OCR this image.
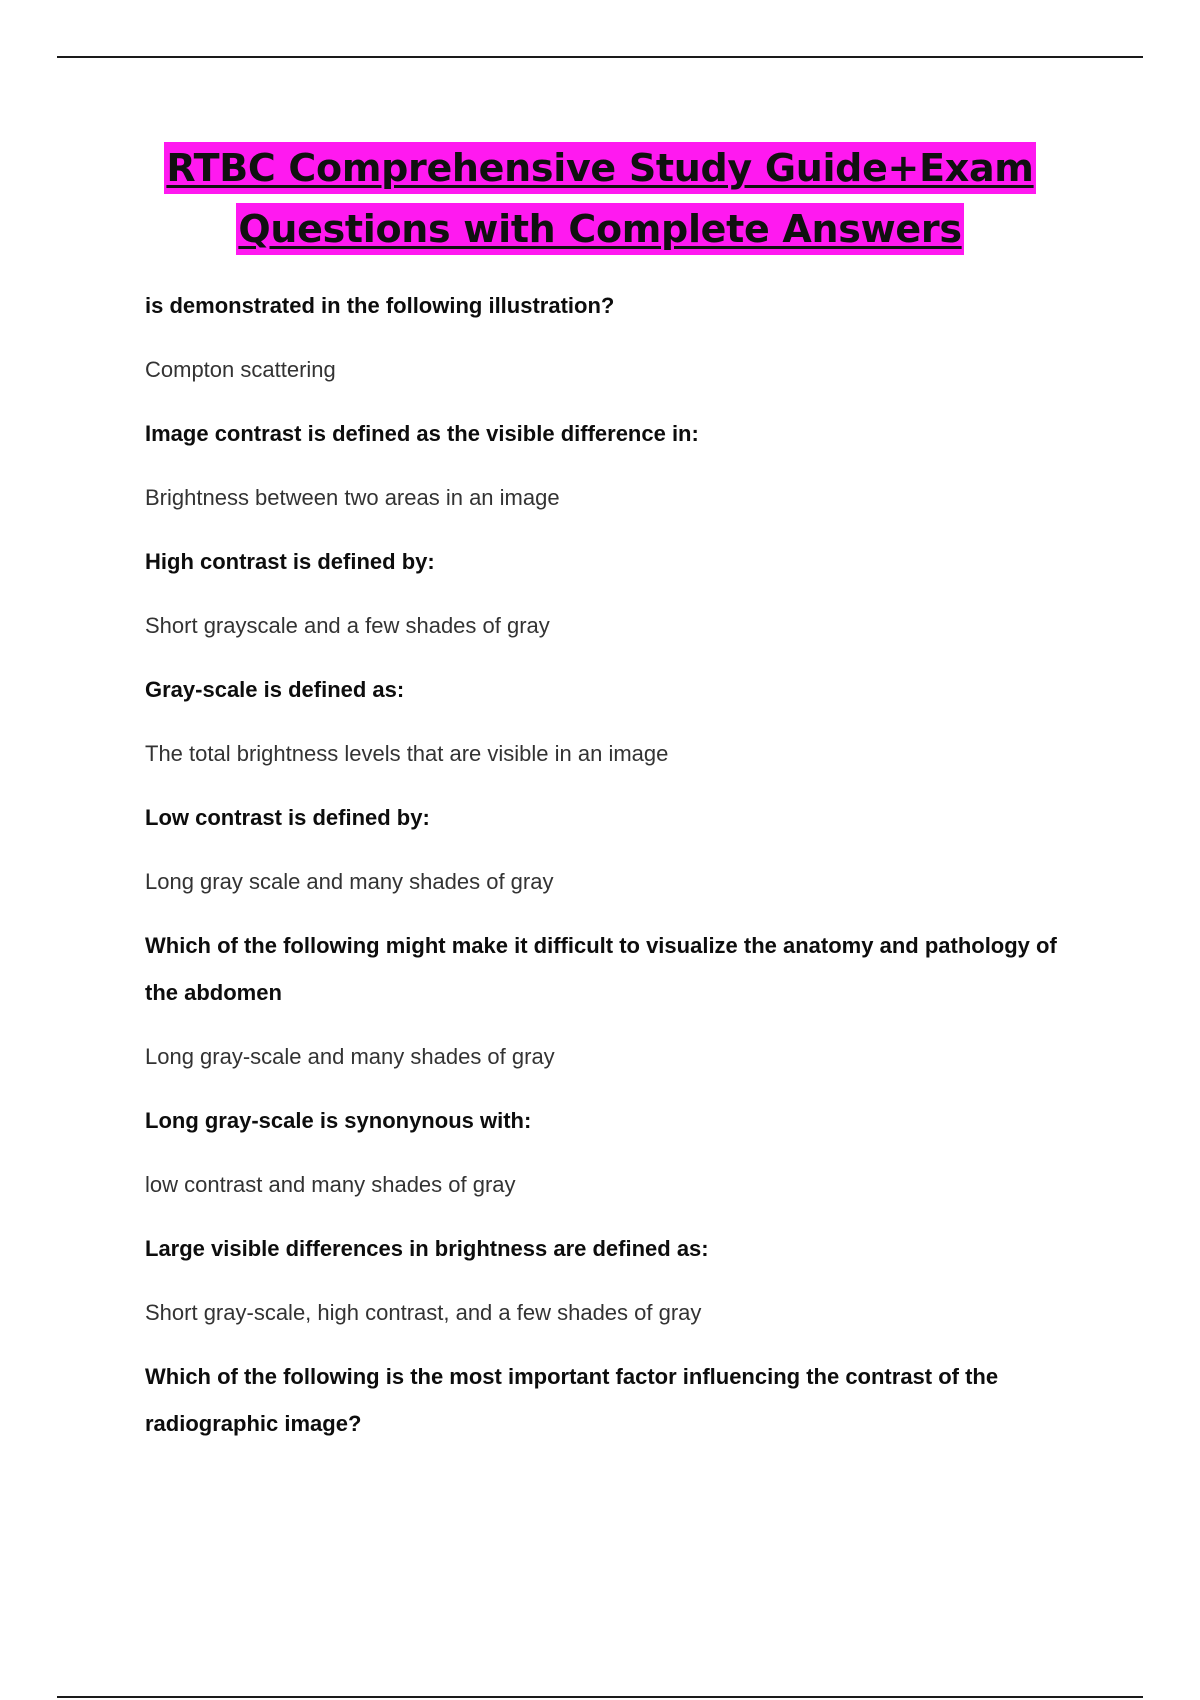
RTBC Comprehensive Study Guide+Exam
Questions with Complete Answers

is demonstrated in the following illustration?

Compton scattering

Image contrast is defined as the visible difference in:

Brightness between two areas in an image

High contrast is defined by:

Short grayscale and a few shades of gray

Gray-scale is defined as:

The total brightness levels that are visible in an image

Low contrast is defined by:

Long gray scale and many shades of gray

Which of the following might make it difficult to visualize the anatomy and pathology of the abdomen

Long gray-scale and many shades of gray

Long gray-scale is synonynous with:

low contrast and many shades of gray

Large visible differences in brightness are defined as:

Short gray-scale, high contrast, and a few shades of gray

Which of the following is the most important factor influencing the contrast of the radiographic image?
